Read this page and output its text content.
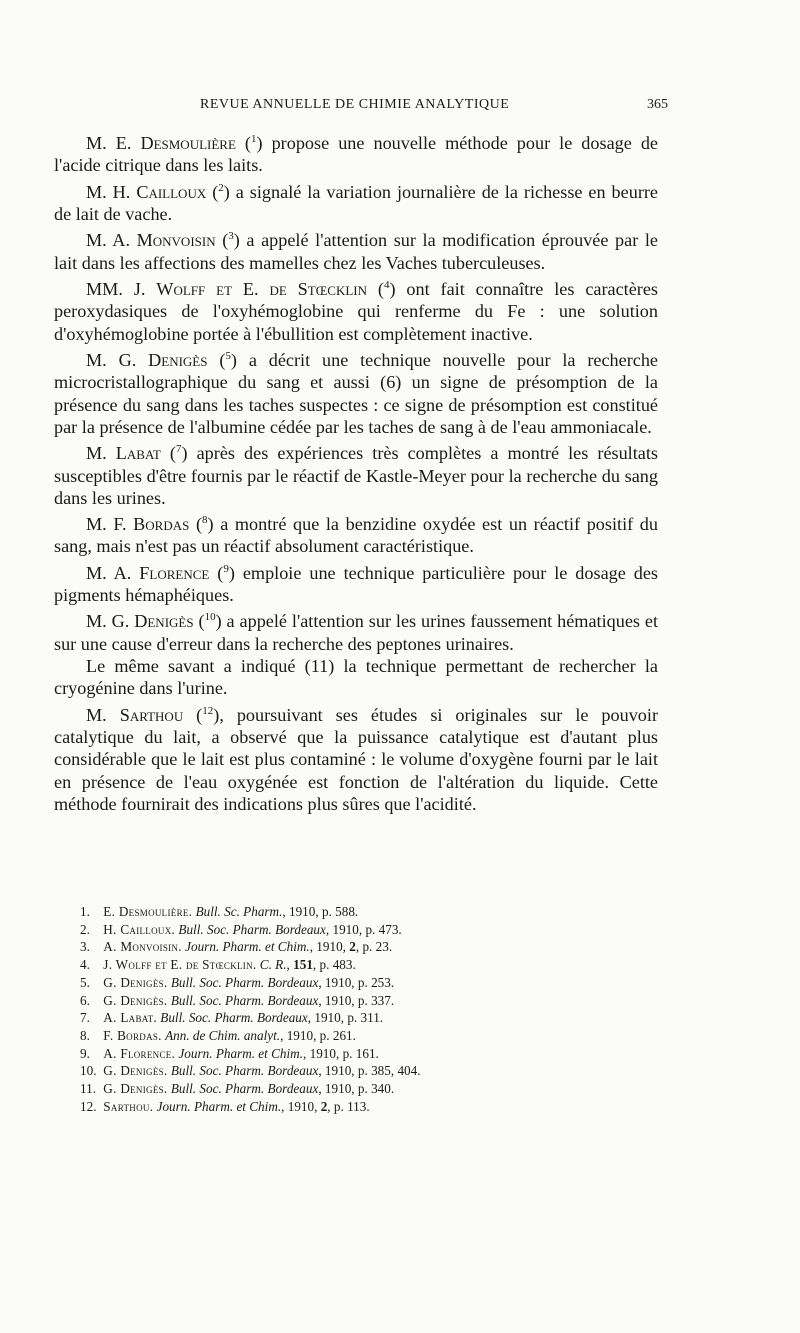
REVUE ANNUELLE DE CHIMIE ANALYTIQUE	365

M. E. Desmoulière ($^1$) propose une nouvelle méthode pour le dosage de l'acide citrique dans les laits.

M. H. Cailloux ($^2$) a signalé la variation journalière de la richesse en beurre de lait de vache.

M. A. Monvoisin ($^3$) a appelé l'attention sur la modification éprouvée par le lait dans les affections des mamelles chez les Vaches tuberculeuses.

MM. J. Wolff et E. de Stœcklin ($^4$) ont fait connaître les caractères peroxydasiques de l'oxyhémoglobine qui renferme du Fe : une solution d'oxyhémoglobine portée à l'ébullition est complètement inactive.

M. G. Denigès ($^5$) a décrit une technique nouvelle pour la recherche microcristallographique du sang et aussi (6) un signe de présomption de la présence du sang dans les taches suspectes : ce signe de présomption est constitué par la présence de l'albumine cédée par les taches de sang à de l'eau ammoniacale.

M. Labat ($^7$) après des expériences très complètes a montré les résultats susceptibles d'être fournis par le réactif de Kastle-Meyer pour la recherche du sang dans les urines.

M. F. Bordas ($^8$) a montré que la benzidine oxydée est un réactif positif du sang, mais n'est pas un réactif absolument caractéristique.

M. A. Florence ($^9$) emploie une technique particulière pour le dosage des pigments hémaphéiques.

M. G. Denigès ($^{10}$) a appelé l'attention sur les urines faussement hématiques et sur une cause d'erreur dans la recherche des peptones urinaires.

Le même savant a indiqué (11) la technique permettant de rechercher la cryogénine dans l'urine.

M. Sarthou ($^{12}$), poursuivant ses études si originales sur le pouvoir catalytique du lait, a observé que la puissance catalytique est d'autant plus considérable que le lait est plus contaminé : le volume d'oxygène fourni par le lait en présence de l'eau oxygénée est fonction de l'altération du liquide. Cette méthode fournirait des indications plus sûres que l'acidité.

1. E. Desmoulière. Bull. Sc. Pharm., 1910, p. 588.
2. H. Cailloux. Bull. Soc. Pharm. Bordeaux, 1910, p. 473.
3. A. Monvoisin. Journ. Pharm. et Chim., 1910, 2, p. 23.
4. J. Wolff et E. de Stœcklin. C. R., 151, p. 483.
5. G. Denigès. Bull. Soc. Pharm. Bordeaux, 1910, p. 253.
6. G. Denigès. Bull. Soc. Pharm. Bordeaux, 1910, p. 337.
7. A. Labat. Bull. Soc. Pharm. Bordeaux, 1910, p. 311.
8. F. Bordas. Ann. de Chim. analyt., 1910, p. 261.
9. A. Florence. Journ. Pharm. et Chim., 1910, p. 161.
10. G. Denigès. Bull. Soc. Pharm. Bordeaux, 1910, p. 385, 404.
11. G. Denigès. Bull. Soc. Pharm. Bordeaux, 1910, p. 340.
12. Sarthou. Journ. Pharm. et Chim., 1910, 2, p. 113.
